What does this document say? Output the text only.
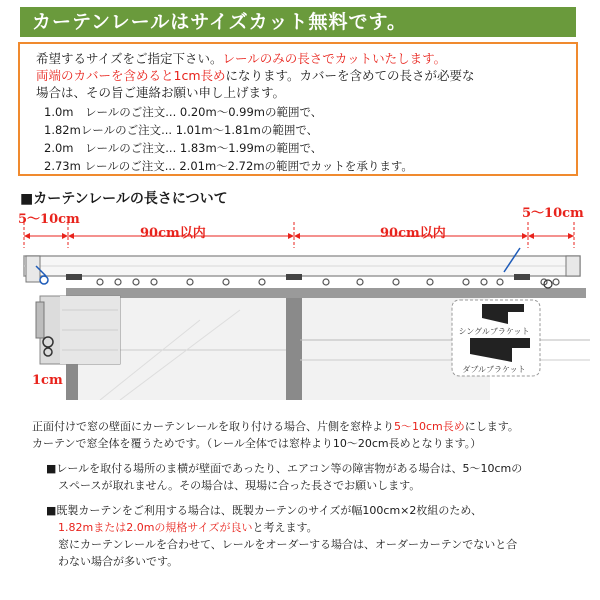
カーテンレールはサイズカット無料です。
希望するサイズをご指定下さい。レールのみの長さでカットいたします。
両端のカバーを含めると1cm長めになります。カバーを含めての長さが必要な
場合は、その旨ご連絡お願い申し上げます。
1.0m　レールのご注文... 0.20m〜0.99mの範囲で、
1.82mレールのご注文... 1.01m〜1.81mの範囲で、
2.0m　レールのご注文... 1.83m〜1.99mの範囲で、
2.73m レールのご注文... 2.01m〜2.72mの範囲でカットを承ります。
■カーテンレールの長さについて
5〜10cm	5〜10cm
90cm以内	90cm以内
1cm
シングルブラケット
ダブルブラケット
正面付けで窓の壁面にカーテンレールを取り付ける場合、片側を窓枠より5〜10cm長めにします。
カーテンで窓全体を覆うためです。（レール全体では窓枠より10〜20cm長めとなります。）
■レールを取付る場所のま横が壁面であったり、エアコン等の障害物がある場合は、5〜10cmの
スペースが取れません。その場合は、現場に合った長さでお願いします。
■既製カーテンをご利用する場合は、既製カーテンのサイズが幅100cm×2枚組のため、
1.82mまたは2.0mの規格サイズが良いと考えます。
窓にカーテンレールを合わせて、レールをオーダーする場合は、オーダーカーテンでないと合
わない場合が多いです。
